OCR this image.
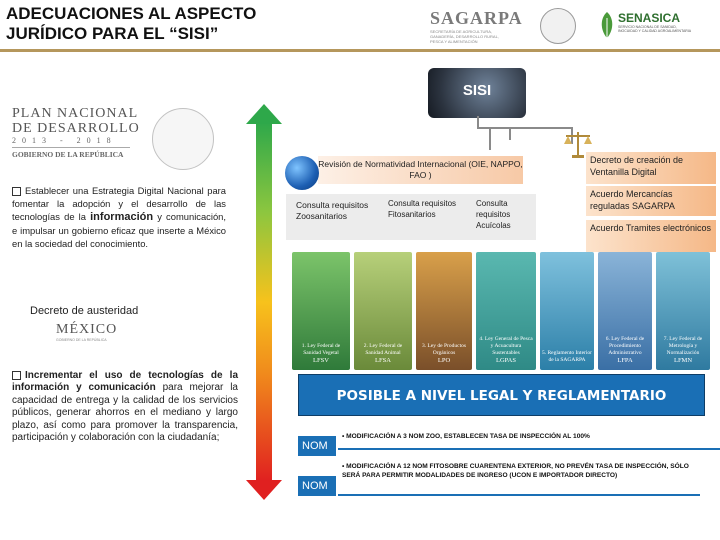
ADECUACIONES AL ASPECTO
JURÍDICO PARA EL “SISI”
SAGARPA
SECRETARÍA DE AGRICULTURA,
GANADERÍA, DESARROLLO RURAL,
PESCA Y ALIMENTACIÓN
SENASICA
SERVICIO NACIONAL DE SANIDAD,
INOCUIDAD Y CALIDAD AGROALIMENTARIA
SISI
PLAN NACIONAL
DE DESARROLLO
2013 - 2018
GOBIERNO DE LA REPÚBLICA
Establecer una Estrategia Digital Nacional para fomentar la adopción y el desarrollo de las tecnologías de la información y comunicación, e impulsar un gobierno eficaz que inserte a México en la sociedad del conocimiento.
Decreto de austeridad
MÉXICO
GOBIERNO DE LA REPÚBLICA
Incrementar el uso de tecnologías de la información y comunicación para mejorar la capacidad de entrega y la calidad de los servicios públicos, generar ahorros en el mediano y largo plazo, así como para promover la transparencia, participación y colaboración con la ciudadanía;
Revisión de Normatividad Internacional (OIE, NAPPO, FAO )
Consulta requisitos Zoosanitarios
Consulta requisitos Fitosanitarios
Consulta requisitos Acuícolas
Decreto de creación de Ventanilla Digital
Acuerdo Mercancías reguladas SAGARPA
Acuerdo Tramites electrónicos
1. Ley Federal de Sanidad Vegetal
LFSV
2. Ley Federal de Sanidad Animal
LFSA
3. Ley de Productos Orgánicos
LPO
4. Ley General de Pesca y Acuacultura Sustentables
LGPAS
5. Reglamento Interior de la SAGARPA
6. Ley Federal de Procedimiento Administrativo
LFPA
7. Ley Federal de Metrología y Normalización
LFMN
POSIBLE A NIVEL LEGAL Y REGLAMENTARIO
NOM
• MODIFICACIÓN A 3 NOM ZOO, ESTABLECEN TASA DE INSPECCIÓN AL 100%
NOM
• MODIFICACIÓN A 12 NOM FITOSOBRE CUARENTENA EXTERIOR, NO PREVÉN TASA DE INSPECCIÓN, SÓLO SERÁ PARA PERMITIR MODALIDADES DE INGRESO (UCON E IMPORTADOR DIRECTO)
